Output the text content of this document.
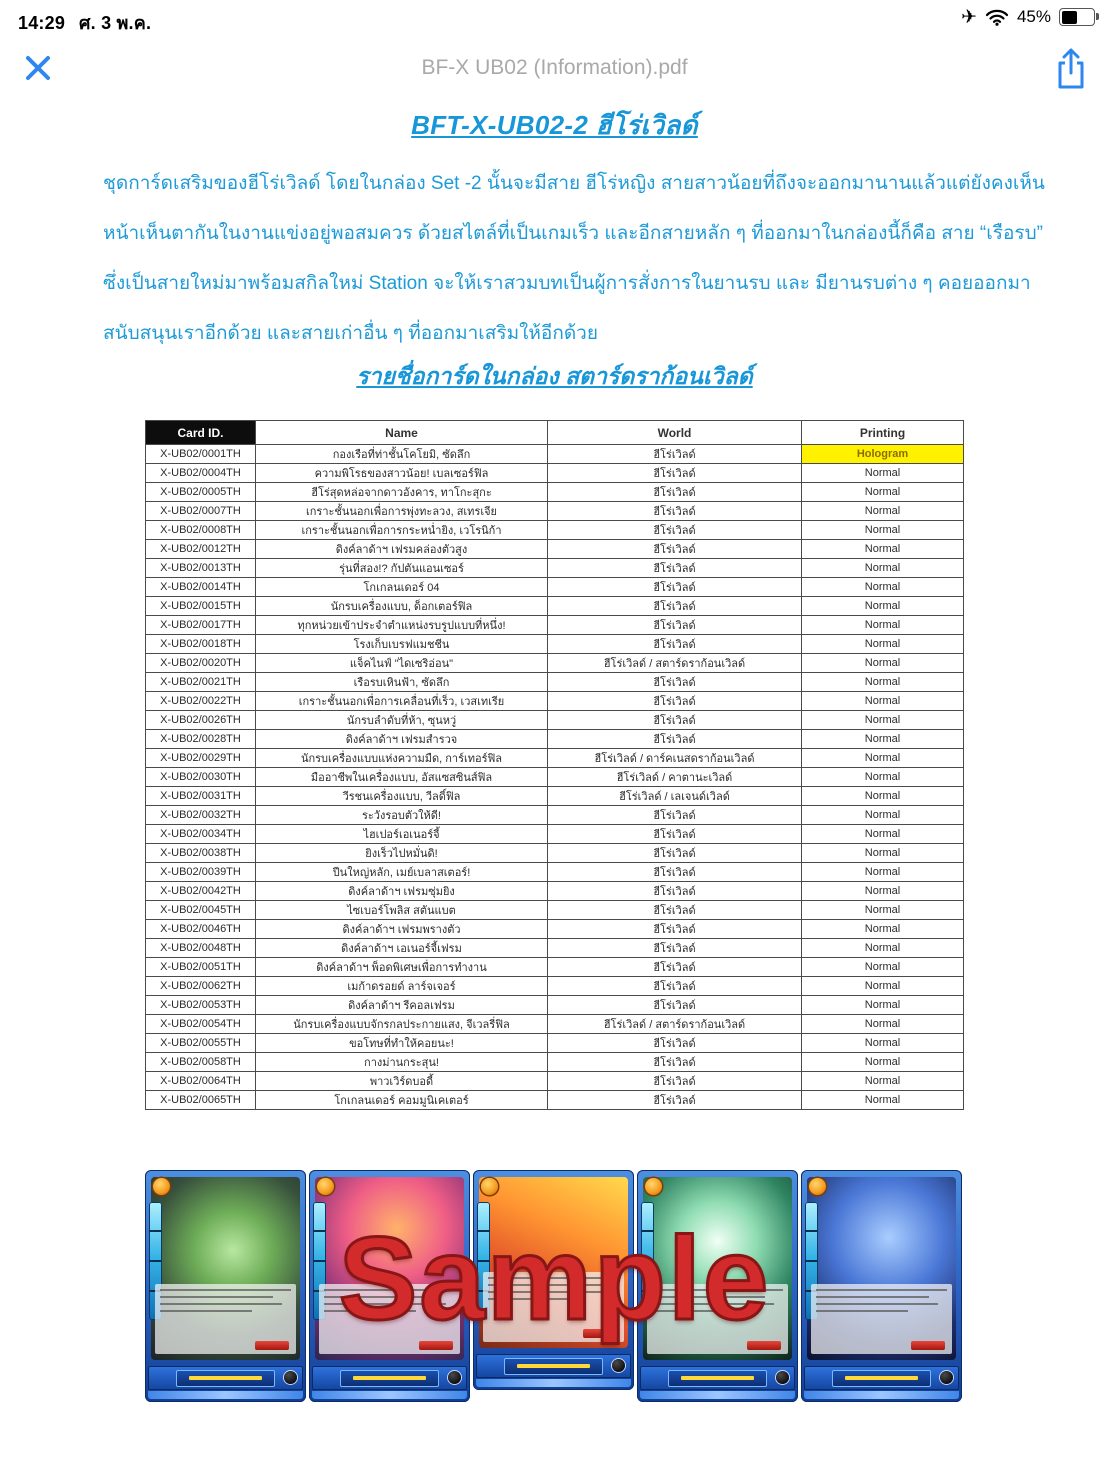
14:29 ศ. 3 พ.ค.	✈ 45%
BF-X UB02 (Information).pdf
BFT-X-UB02-2 ฮีโร่เวิลด์
ชุดการ์ดเสริมของฮีโร่เวิลด์ โดยในกล่อง Set -2 นั้นจะมีสาย ฮีโร่หญิง สายสาวน้อยที่ถึงจะออกมานานแล้วแต่ยังคงเห็น
หน้าเห็นตากันในงานแข่งอยู่พอสมควร ด้วยสไตล์ที่เป็นเกมเร็ว และอีกสายหลัก ๆ ที่ออกมาในกล่องนี้ก็คือ สาย “เรือรบ”
ซึ่งเป็นสายใหม่มาพร้อมสกิลใหม่ Station จะให้เราสวมบทเป็นผู้การสั่งการในยานรบ และ มียานรบต่าง ๆ คอยออกมา
สนับสนุนเราอีกด้วย และสายเก่าอื่น ๆ ที่ออกมาเสริมให้อีกด้วย
รายชื่อการ์ดในกล่อง สตาร์ดราก้อนเวิลด์
Card ID.	Name	World	Printing
X-UB02/0001TH	กองเรือที่ท่าชั้นโคโยมิ, ซัดลึก	ฮีโร่เวิลด์	Hologram
X-UB02/0004TH	ความพิโรธของสาวน้อย! เบลเซอร์ฟิล	ฮีโร่เวิลด์	Normal
X-UB02/0005TH	ฮีโร่สุดหล่อจากดาวอังคาร, ทาโกะสุกะ	ฮีโร่เวิลด์	Normal
X-UB02/0007TH	เกราะชั้นนอกเพื่อการพุ่งทะลวง, สเทรเจีย	ฮีโร่เวิลด์	Normal
X-UB02/0008TH	เกราะชั้นนอกเพื่อการกระหน่ำยิง, เวโรนิก้า	ฮีโร่เวิลด์	Normal
X-UB02/0012TH	ดิงค์ลาด้าฯ เฟรมคล่องตัวสูง	ฮีโร่เวิลด์	Normal
X-UB02/0013TH	รุ่นที่สอง!? กัปตันแอนเซอร์	ฮีโร่เวิลด์	Normal
X-UB02/0014TH	โกเกลนเดอร์ 04	ฮีโร่เวิลด์	Normal
X-UB02/0015TH	นักรบเครื่องแบบ, ด็อกเตอร์ฟิล	ฮีโร่เวิลด์	Normal
X-UB02/0017TH	ทุกหน่วยเข้าประจำตำแหน่งรบรูปแบบที่หนึ่ง!	ฮีโร่เวิลด์	Normal
X-UB02/0018TH	โรงเก็บเบรฟแมชชีน	ฮีโร่เวิลด์	Normal
X-UB02/0020TH	แจ็คไนฟ์ "ไดเซริอ่อน"	ฮีโร่เวิลด์ / สตาร์ดราก้อนเวิลด์	Normal
X-UB02/0021TH	เรือรบเหินฟ้า, ซัดลึก	ฮีโร่เวิลด์	Normal
X-UB02/0022TH	เกราะชั้นนอกเพื่อการเคลื่อนที่เร็ว, เวสเทเรีย	ฮีโร่เวิลด์	Normal
X-UB02/0026TH	นักรบลำดับที่ห้า, ซุนหวู่	ฮีโร่เวิลด์	Normal
X-UB02/0028TH	ดิงค์ลาด้าฯ เฟรมสำรวจ	ฮีโร่เวิลด์	Normal
X-UB02/0029TH	นักรบเครื่องแบบแห่งความมืด, การ์เทอร์ฟิล	ฮีโร่เวิลด์ / ดาร์คเนสดราก้อนเวิลด์	Normal
X-UB02/0030TH	มืออาชีพในเครื่องแบบ, อัสแซสซินส์ฟิล	ฮีโร่เวิลด์ / คาตานะเวิลด์	Normal
X-UB02/0031TH	วีรชนเครื่องแบบ, วีลดิ์ฟิล	ฮีโร่เวิลด์ / เลเจนด์เวิลด์	Normal
X-UB02/0032TH	ระวังรอบตัวให้ดี!	ฮีโร่เวิลด์	Normal
X-UB02/0034TH	ไฮเปอร์เอเนอร์จี้	ฮีโร่เวิลด์	Normal
X-UB02/0038TH	ยิงเร็วไปหมั่นดิ!	ฮีโร่เวิลด์	Normal
X-UB02/0039TH	ปืนใหญ่หลัก, เมย์เบลาสเตอร์!	ฮีโร่เวิลด์	Normal
X-UB02/0042TH	ดิงค์ลาด้าฯ เฟรมซุ่มยิง	ฮีโร่เวิลด์	Normal
X-UB02/0045TH	ไซเบอร์โพลิส สตันแบต	ฮีโร่เวิลด์	Normal
X-UB02/0046TH	ดิงค์ลาด้าฯ เฟรมพรางตัว	ฮีโร่เวิลด์	Normal
X-UB02/0048TH	ดิงค์ลาด้าฯ เอเนอร์จี้เฟรม	ฮีโร่เวิลด์	Normal
X-UB02/0051TH	ดิงค์ลาด้าฯ พ็อดพิเศษเพื่อการทำงาน	ฮีโร่เวิลด์	Normal
X-UB02/0062TH	เมก้าดรอยด์ ลาร์จเจอร์	ฮีโร่เวิลด์	Normal
X-UB02/0053TH	ดิงค์ลาด้าฯ รีคอลเฟรม	ฮีโร่เวิลด์	Normal
X-UB02/0054TH	นักรบเครื่องแบบจักรกลประกายแสง, จีเวลรี่ฟิล	ฮีโร่เวิลด์ / สตาร์ดราก้อนเวิลด์	Normal
X-UB02/0055TH	ขอโทษที่ทำให้คอยนะ!	ฮีโร่เวิลด์	Normal
X-UB02/0058TH	กางม่านกระสุน!	ฮีโร่เวิลด์	Normal
X-UB02/0064TH	พาวเวิร์ดบอดี้	ฮีโร่เวิลด์	Normal
X-UB02/0065TH	โกเกลนเดอร์ คอมมูนิเคเตอร์	ฮีโร่เวิลด์	Normal
Sample
